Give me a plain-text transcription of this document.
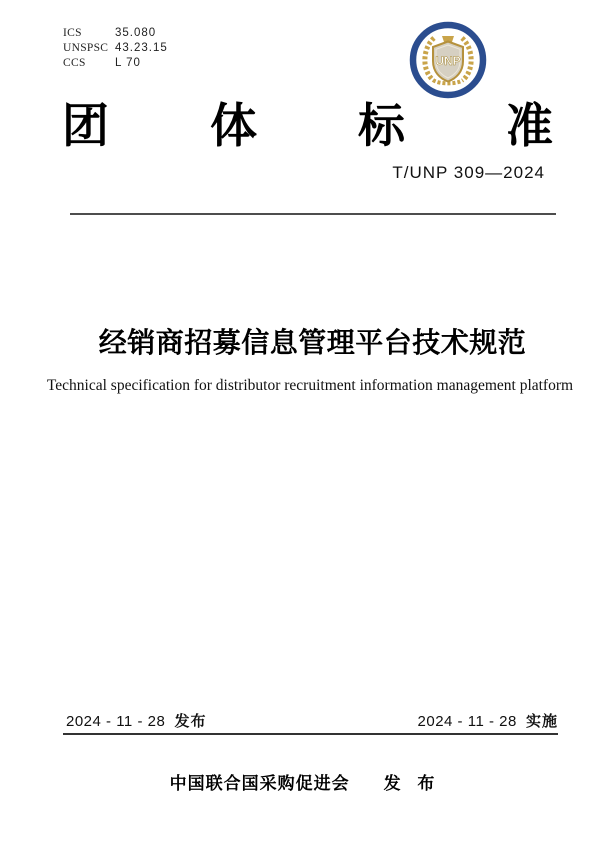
ICS	35.080
UNSPSC 43.23.15
CCS	L 70	UNP
团 体 标 准
T/UNP 309—2024
经销商招募信息管理平台技术规范
Technical specification for distributor recruitment information management platform
2024 - 11 - 28 发布	2024 - 11 - 28 实施
中国联合国采购促进会 发 布
